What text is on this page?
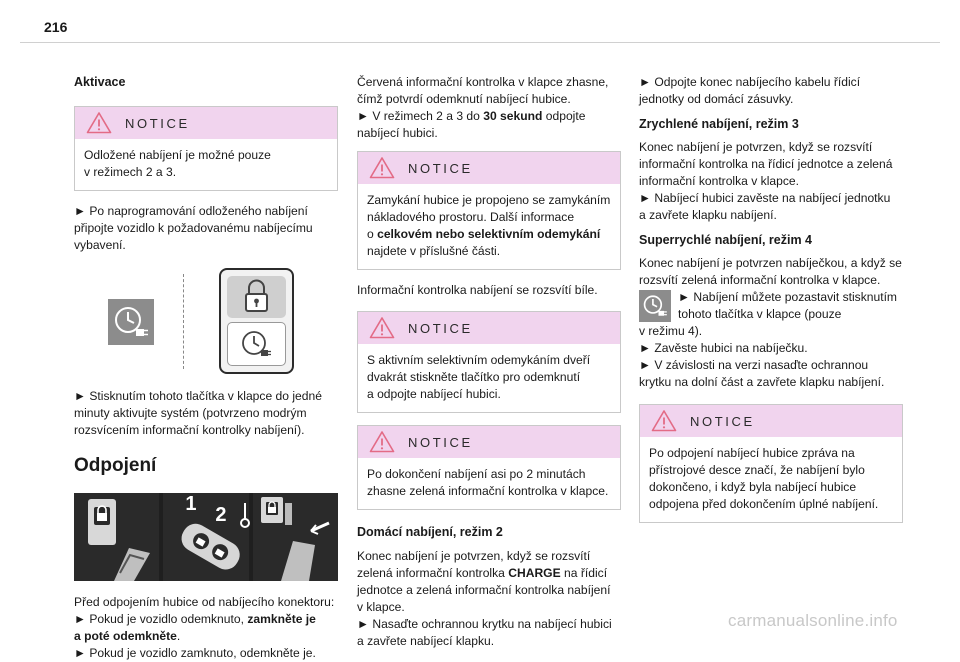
216

Aktivace

NOTICE

Odložené nabíjení je možné pouze

v režimech 2 a 3.

► Po naprogramování odloženého nabíjení

připojte vozidlo k požadovanému nabíjecímu

vybavení.

► Stisknutím tohoto tlačítka v klapce do jedné

minuty aktivujte systém (potvrzeno modrým

rozsvícením informační kontrolky nabíjení).

Odpojení

1 2

Před odpojením hubice od nabíjecího konektoru:

► Pokud je vozidlo odemknuto, zamkněte je

a poté odemkněte.

► Pokud je vozidlo zamknuto, odemkněte je.

Červená informační kontrolka v klapce zhasne,

čímž potvrdí odemknutí nabíjecí hubice.

► V režimech 2 a 3 do 30 sekund odpojte

nabíjecí hubici.

NOTICE

Zamykání hubice je propojeno se zamykáním

nákladového prostoru. Další informace

o celkovém nebo selektivním odemykání

najdete v příslušné části.

Informační kontrolka nabíjení se rozsvítí bíle.

NOTICE

S aktivním selektivním odemykáním dveří

dvakrát stiskněte tlačítko pro odemknutí

a odpojte nabíjecí hubici.

NOTICE

Po dokončení nabíjení asi po 2 minutách

zhasne zelená informační kontrolka v klapce.

Domácí nabíjení, režim 2

Konec nabíjení je potvrzen, když se rozsvítí

zelená informační kontrolka CHARGE na řídicí

jednotce a zelená informační kontrolka nabíjení

v klapce.

► Nasaďte ochrannou krytku na nabíjecí hubici

a zavřete nabíjecí klapku.

► Odpojte konec nabíjecího kabelu řídicí

jednotky od domácí zásuvky.

Zrychlené nabíjení, režim 3

Konec nabíjení je potvrzen, když se rozsvítí

informační kontrolka na řídicí jednotce a zelená

informační kontrolka v klapce.

► Nabíjecí hubici zavěste na nabíjecí jednotku

a zavřete klapku nabíjení.

Superrychlé nabíjení, režim 4

Konec nabíjení je potvrzen nabíječkou, a když se

rozsvítí zelená informační kontrolka v klapce.

► Nabíjení můžete pozastavit stisknutím

tohoto tlačítka v klapce (pouze

v režimu 4).

► Zavěste hubici na nabíječku.

► V závislosti na verzi nasaďte ochrannou

krytku na dolní část a zavřete klapku nabíjení.

NOTICE

Po odpojení nabíjecí hubice zpráva na

přístrojové desce značí, že nabíjení bylo

dokončeno, i když byla nabíjecí hubice

odpojena před dokončením úplné nabíjení.

carmanualsonline.info
